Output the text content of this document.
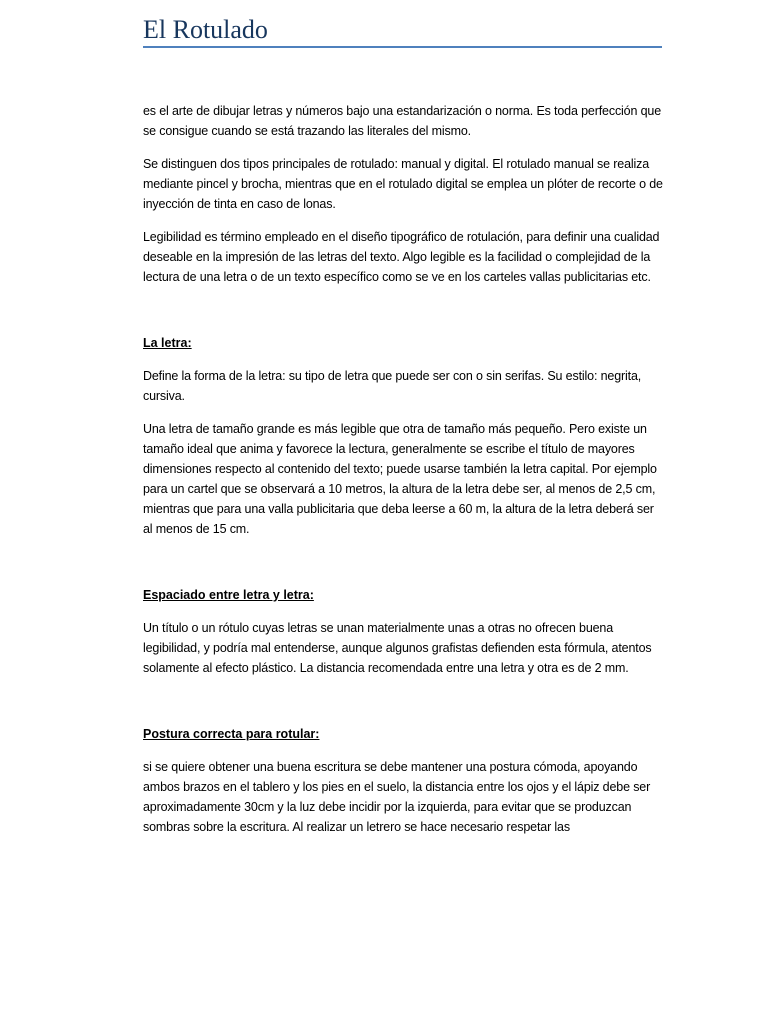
El Rotulado

es el arte de dibujar letras y números bajo una estandarización o norma. Es toda perfección que se consigue cuando se está trazando las literales del mismo.

Se distinguen dos tipos principales de rotulado: manual y digital. El rotulado manual se realiza mediante pincel y brocha, mientras que en el rotulado digital se emplea un plóter de recorte o de inyección de tinta en caso de lonas.

Legibilidad es término empleado en el diseño tipográfico de rotulación, para definir una cualidad deseable en la impresión de las letras del texto. Algo legible es la facilidad o complejidad de la lectura de una letra o de un texto específico como se ve en los carteles vallas publicitarias etc.

La letra:

Define la forma de la letra: su tipo de letra que puede ser con o sin serifas. Su estilo: negrita, cursiva.

Una letra de tamaño grande es más legible que otra de tamaño más pequeño. Pero existe un tamaño ideal que anima y favorece la lectura, generalmente se escribe el título de mayores dimensiones respecto al contenido del texto; puede usarse también la letra capital. Por ejemplo para un cartel que se observará a 10 metros, la altura de la letra debe ser, al menos de 2,5 cm, mientras que para una valla publicitaria que deba leerse a 60 m, la altura de la letra deberá ser al menos de 15 cm.

Espaciado entre letra y letra:

Un título o un rótulo cuyas letras se unan materialmente unas a otras no ofrecen buena legibilidad, y podría mal entenderse, aunque algunos grafistas defienden esta fórmula, atentos solamente al efecto plástico. La distancia recomendada entre una letra y otra es de 2 mm.

Postura correcta para rotular:

si se quiere obtener una buena escritura se debe mantener una postura cómoda, apoyando ambos brazos en el tablero y los pies en el suelo, la distancia entre los ojos y el lápiz debe ser aproximadamente 30cm y la luz debe incidir por la izquierda, para evitar que se produzcan sombras sobre la escritura. Al realizar un letrero se hace necesario respetar las
